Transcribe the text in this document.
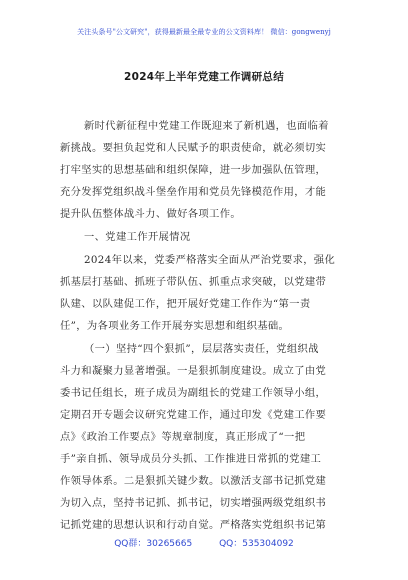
关注头条号"公文研究"，获得最新最全最专业的公文资料库！ 微信：gongwenyj
2024年上半年党建工作调研总结
新时代新征程中党建工作既迎来了新机遇，也面临着
新挑战。要担负起党和人民赋予的职责使命，就必须切实
打牢坚实的思想基础和组织保障，进一步加强队伍管理，
充分发挥党组织战斗堡垒作用和党员先锋模范作用，才能
提升队伍整体战斗力、做好各项工作。
一、党建工作开展情况
2024年以来，党委严格落实全面从严治党要求，强化
抓基层打基础、抓班子带队伍、抓重点求突破，以党建带
队建、以队建促工作，把开展好党建工作作为“第一责
任”，为各项业务工作开展夯实思想和组织基础。
（一）坚持“四个狠抓”，层层落实责任，党组织战
斗力和凝聚力显著增强。一是狠抓制度建设。成立了由党
委书记任组长，班子成员为副组长的党建工作领导小组，
定期召开专题会议研究党建工作，通过印发《党建工作要
点》《政治工作要点》等规章制度，真正形成了“一把
手”亲自抓、领导成员分头抓、工作推进日常抓的党建工
作领导体系。二是狠抓关键少数。以激活支部书记抓党建
为切入点，坚持书记抓、抓书记，切实增强两级党组织书
记抓党建的思想认识和行动自觉。严格落实党组织书记第
QQ群：30265665	QQ：535304092
